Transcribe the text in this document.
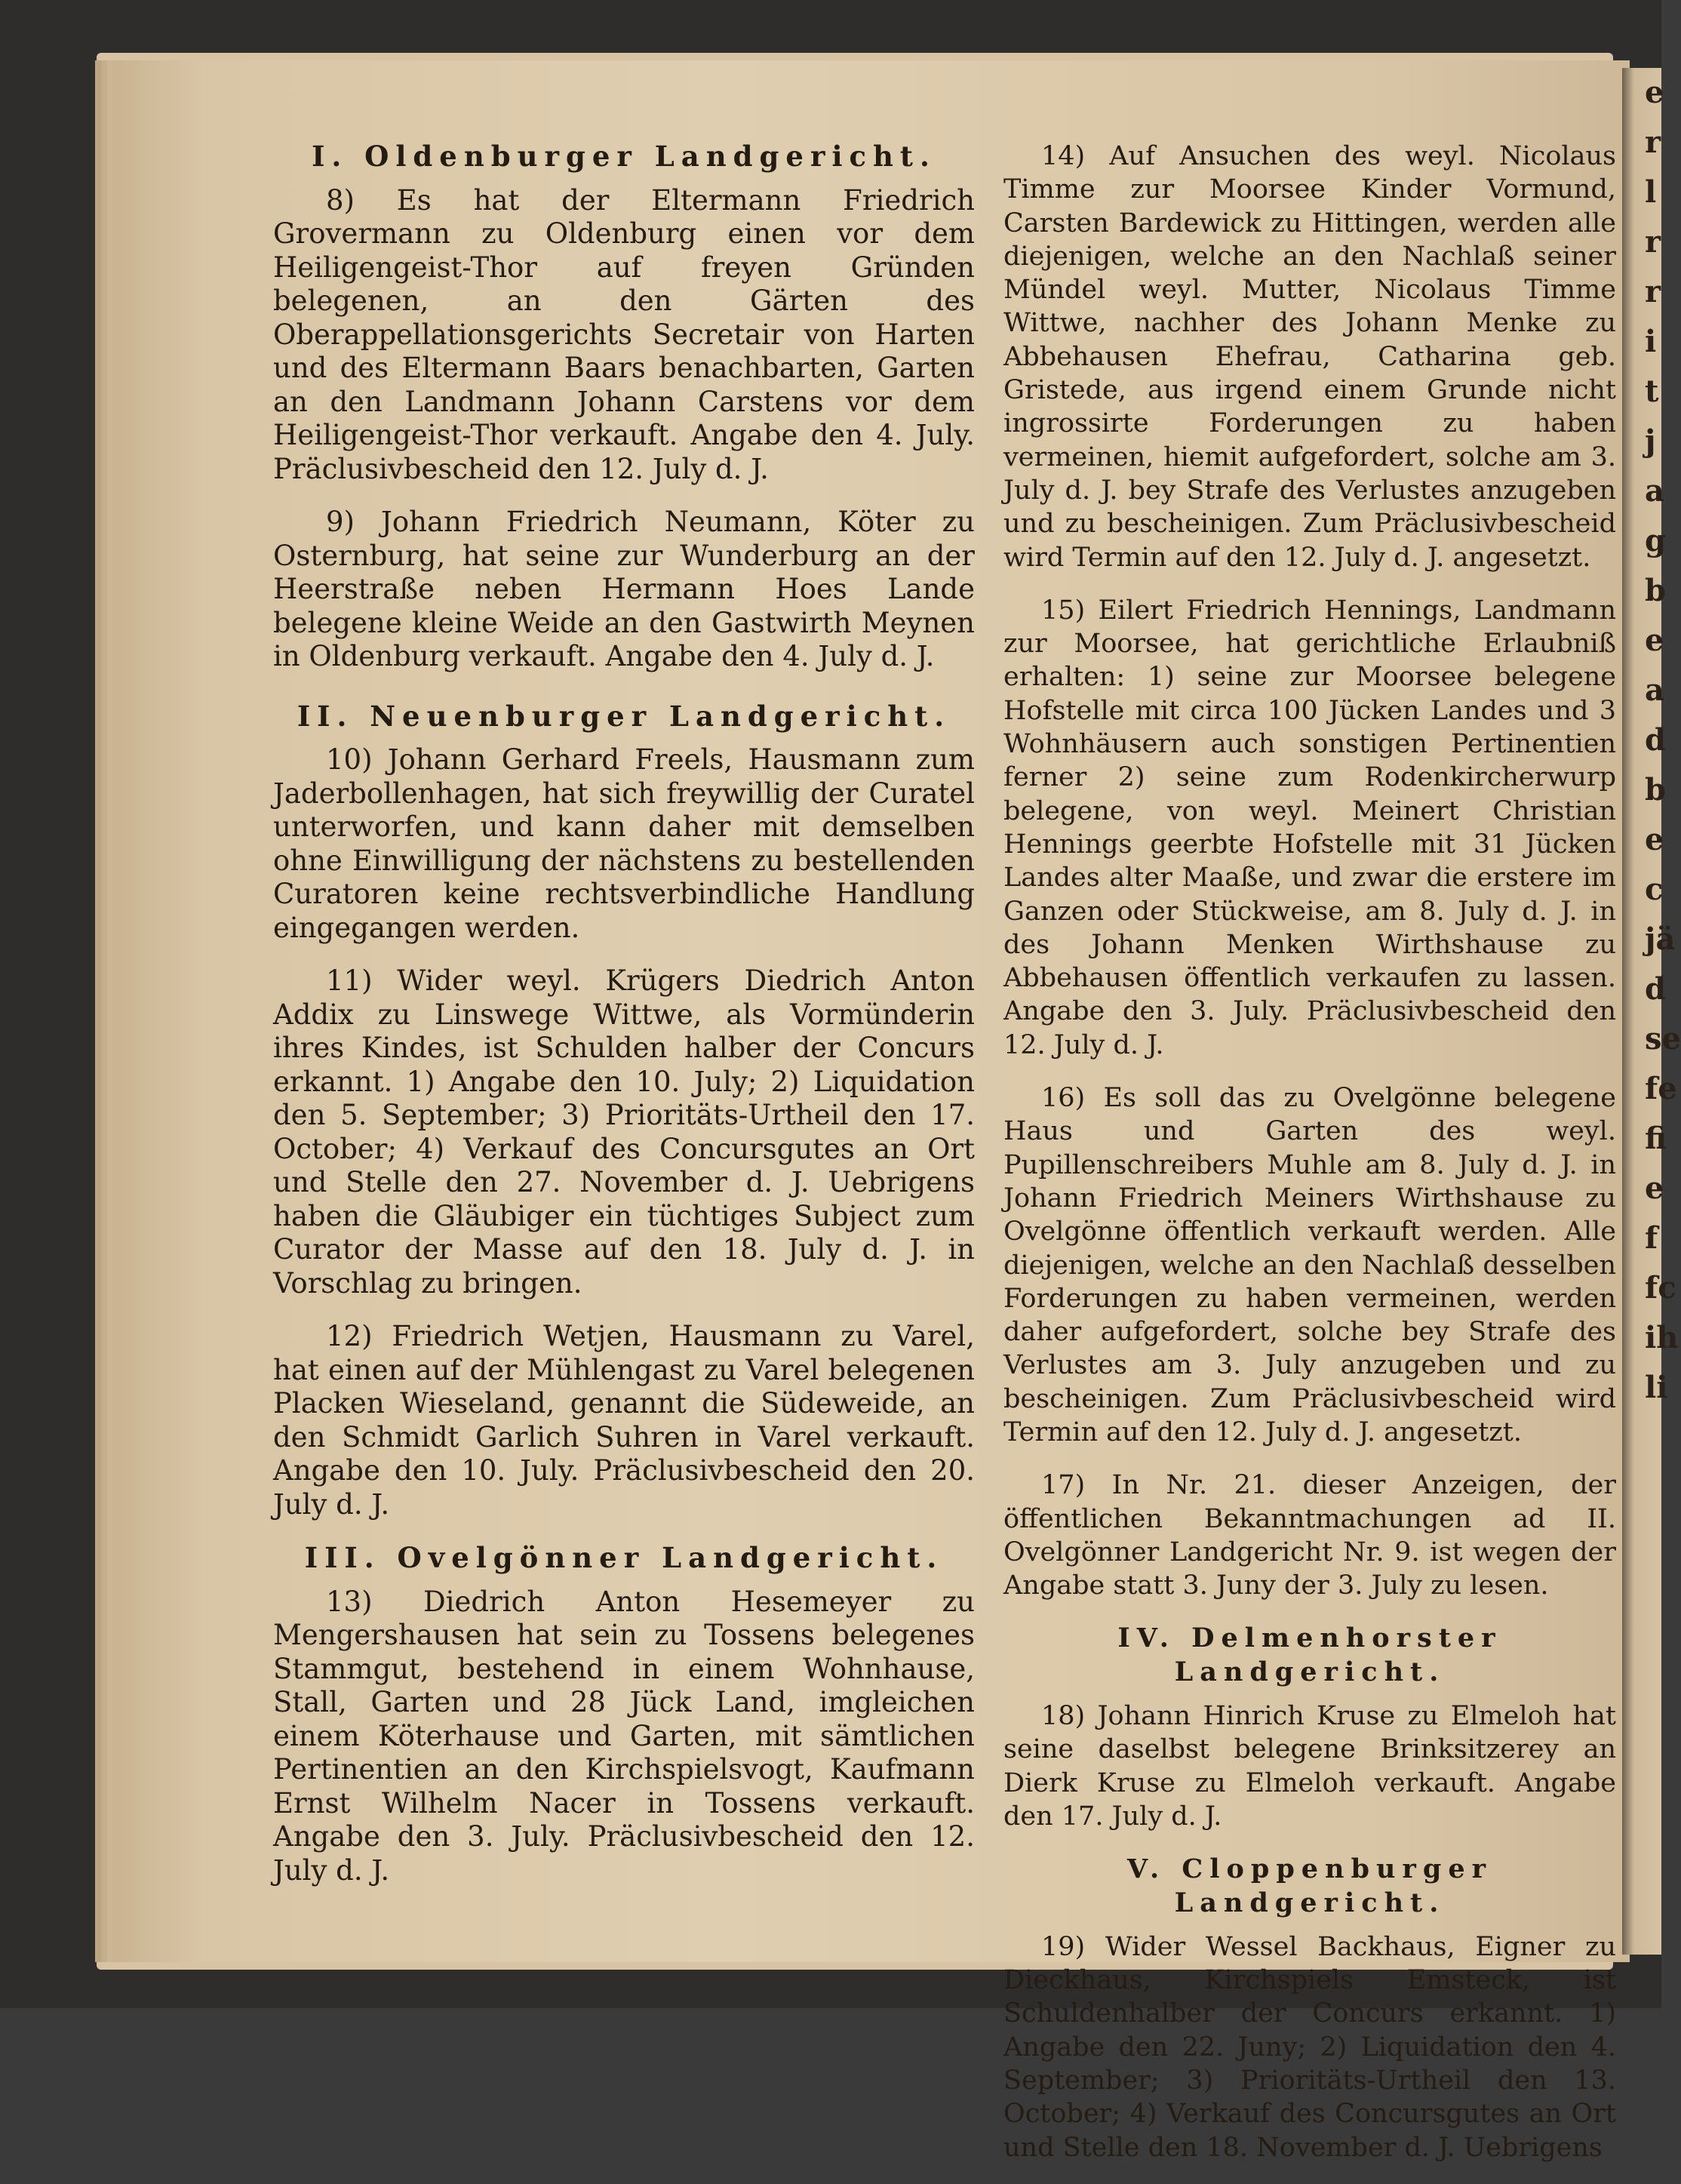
e
r
l
r
r
i
t
j
a
g
b
e
a
d
b
e
c
jä
d
se
fe
fi
e
f
fc
ih
li
I. Oldenburger Landgericht.

8) Es hat der Eltermann Friedrich Grovermann zu Oldenburg einen vor dem Heiligengeist-Thor auf freyen Gründen belegenen, an den Gärten des Oberappellationsgerichts Secretair von Harten und des Eltermann Baars benachbarten, Garten an den Landmann Johann Carstens vor dem Heiligengeist-Thor verkauft. Angabe den 4. July. Präclusivbescheid den 12. July d. J.

9) Johann Friedrich Neumann, Köter zu Osternburg, hat seine zur Wunderburg an der Heerstraße neben Hermann Hoes Lande belegene kleine Weide an den Gastwirth Meynen in Oldenburg verkauft. Angabe den 4. July d. J.

II. Neuenburger Landgericht.

10) Johann Gerhard Freels, Hausmann zum Jaderbollenhagen, hat sich freywillig der Curatel unterworfen, und kann daher mit demselben ohne Einwilligung der nächstens zu bestellenden Curatoren keine rechtsverbindliche Handlung eingegangen werden.

11) Wider weyl. Krügers Diedrich Anton Addix zu Linswege Wittwe, als Vormünderin ihres Kindes, ist Schulden halber der Concurs erkannt. 1) Angabe den 10. July; 2) Liquidation den 5. September; 3) Prioritäts-Urtheil den 17. October; 4) Verkauf des Concursgutes an Ort und Stelle den 27. November d. J. Uebrigens haben die Gläubiger ein tüchtiges Subject zum Curator der Masse auf den 18. July d. J. in Vorschlag zu bringen.

12) Friedrich Wetjen, Hausmann zu Varel, hat einen auf der Mühlengast zu Varel belegenen Placken Wieseland, genannt die Südeweide, an den Schmidt Garlich Suhren in Varel verkauft. Angabe den 10. July. Präclusivbescheid den 20. July d. J.

III. Ovelgönner Landgericht.

13) Diedrich Anton Hesemeyer zu Mengershausen hat sein zu Tossens belegenes Stammgut, bestehend in einem Wohnhause, Stall, Garten und 28 Jück Land, imgleichen einem Köterhause und Garten, mit sämtlichen Pertinentien an den Kirchspielsvogt, Kaufmann Ernst Wilhelm Nacer in Tossens verkauft. Angabe den 3. July. Präclusivbescheid den 12. July d. J.

14) Auf Ansuchen des weyl. Nicolaus Timme zur Moorsee Kinder Vormund, Carsten Bardewick zu Hittingen, werden alle diejenigen, welche an den Nachlaß seiner Mündel weyl. Mutter, Nicolaus Timme Wittwe, nachher des Johann Menke zu Abbehausen Ehefrau, Catharina geb. Gristede, aus irgend einem Grunde nicht ingrossirte Forderungen zu haben vermeinen, hiemit aufgefordert, solche am 3. July d. J. bey Strafe des Verlustes anzugeben und zu bescheinigen. Zum Präclusivbescheid wird Termin auf den 12. July d. J. angesetzt.

15) Eilert Friedrich Hennings, Landmann zur Moorsee, hat gerichtliche Erlaubniß erhalten: 1) seine zur Moorsee belegene Hofstelle mit circa 100 Jücken Landes und 3 Wohnhäusern auch sonstigen Pertinentien ferner 2) seine zum Rodenkircherwurp belegene, von weyl. Meinert Christian Hennings geerbte Hofstelle mit 31 Jücken Landes alter Maaße, und zwar die erstere im Ganzen oder Stückweise, am 8. July d. J. in des Johann Menken Wirthshause zu Abbehausen öffentlich verkaufen zu lassen. Angabe den 3. July. Präclusivbescheid den 12. July d. J.

16) Es soll das zu Ovelgönne belegene Haus und Garten des weyl. Pupillenschreibers Muhle am 8. July d. J. in Johann Friedrich Meiners Wirthshause zu Ovelgönne öffentlich verkauft werden. Alle diejenigen, welche an den Nachlaß desselben Forderungen zu haben vermeinen, werden daher aufgefordert, solche bey Strafe des Verlustes am 3. July anzugeben und zu bescheinigen. Zum Präclusivbescheid wird Termin auf den 12. July d. J. angesetzt.

17) In Nr. 21. dieser Anzeigen, der öffentlichen Bekanntmachungen ad II. Ovelgönner Landgericht Nr. 9. ist wegen der Angabe statt 3. Juny der 3. July zu lesen.

IV. Delmenhorster Landgericht.

18) Johann Hinrich Kruse zu Elmeloh hat seine daselbst belegene Brinksitzerey an Dierk Kruse zu Elmeloh verkauft. Angabe den 17. July d. J.

V. Cloppenburger Landgericht.

19) Wider Wessel Backhaus, Eigner zu Dieckhaus, Kirchspiels Emsteck, ist Schuldenhalber der Concurs erkannt. 1) Angabe den 22. Juny; 2) Liquidation den 4. September; 3) Prioritäts-Urtheil den 13. October; 4) Verkauf des Concursgutes an Ort und Stelle den 18. November d. J. Uebrigens
